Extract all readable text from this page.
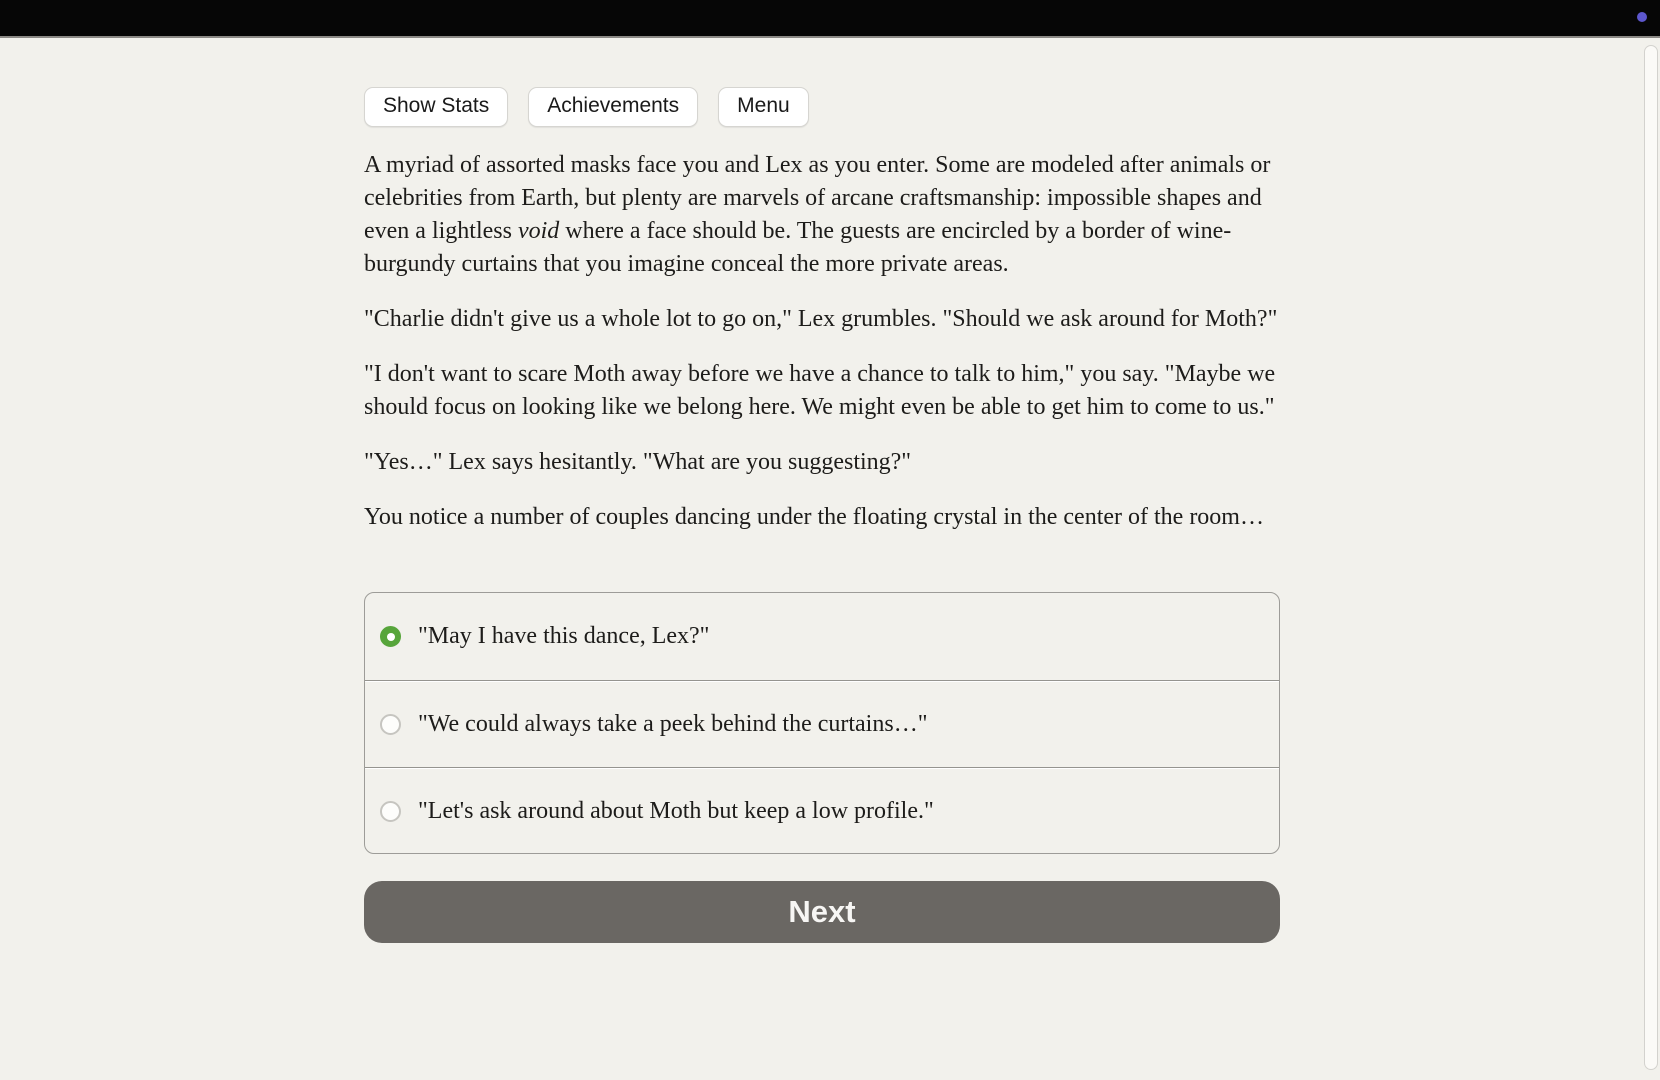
Show Stats	Achievements	Menu

A myriad of assorted masks face you and Lex as you enter. Some are modeled after animals or celebrities from Earth, but plenty are marvels of arcane craftsmanship: impossible shapes and even a lightless void where a face should be. The guests are encircled by a border of wine-burgundy curtains that you imagine conceal the more private areas.

"Charlie didn't give us a whole lot to go on," Lex grumbles. "Should we ask around for Moth?"

"I don't want to scare Moth away before we have a chance to talk to him," you say. "Maybe we should focus on looking like we belong here. We might even be able to get him to come to us."

"Yes…" Lex says hesitantly. "What are you suggesting?"

You notice a number of couples dancing under the floating crystal in the center of the room…

"May I have this dance, Lex?"
"We could always take a peek behind the curtains…"
"Let's ask around about Moth but keep a low profile."
Next
